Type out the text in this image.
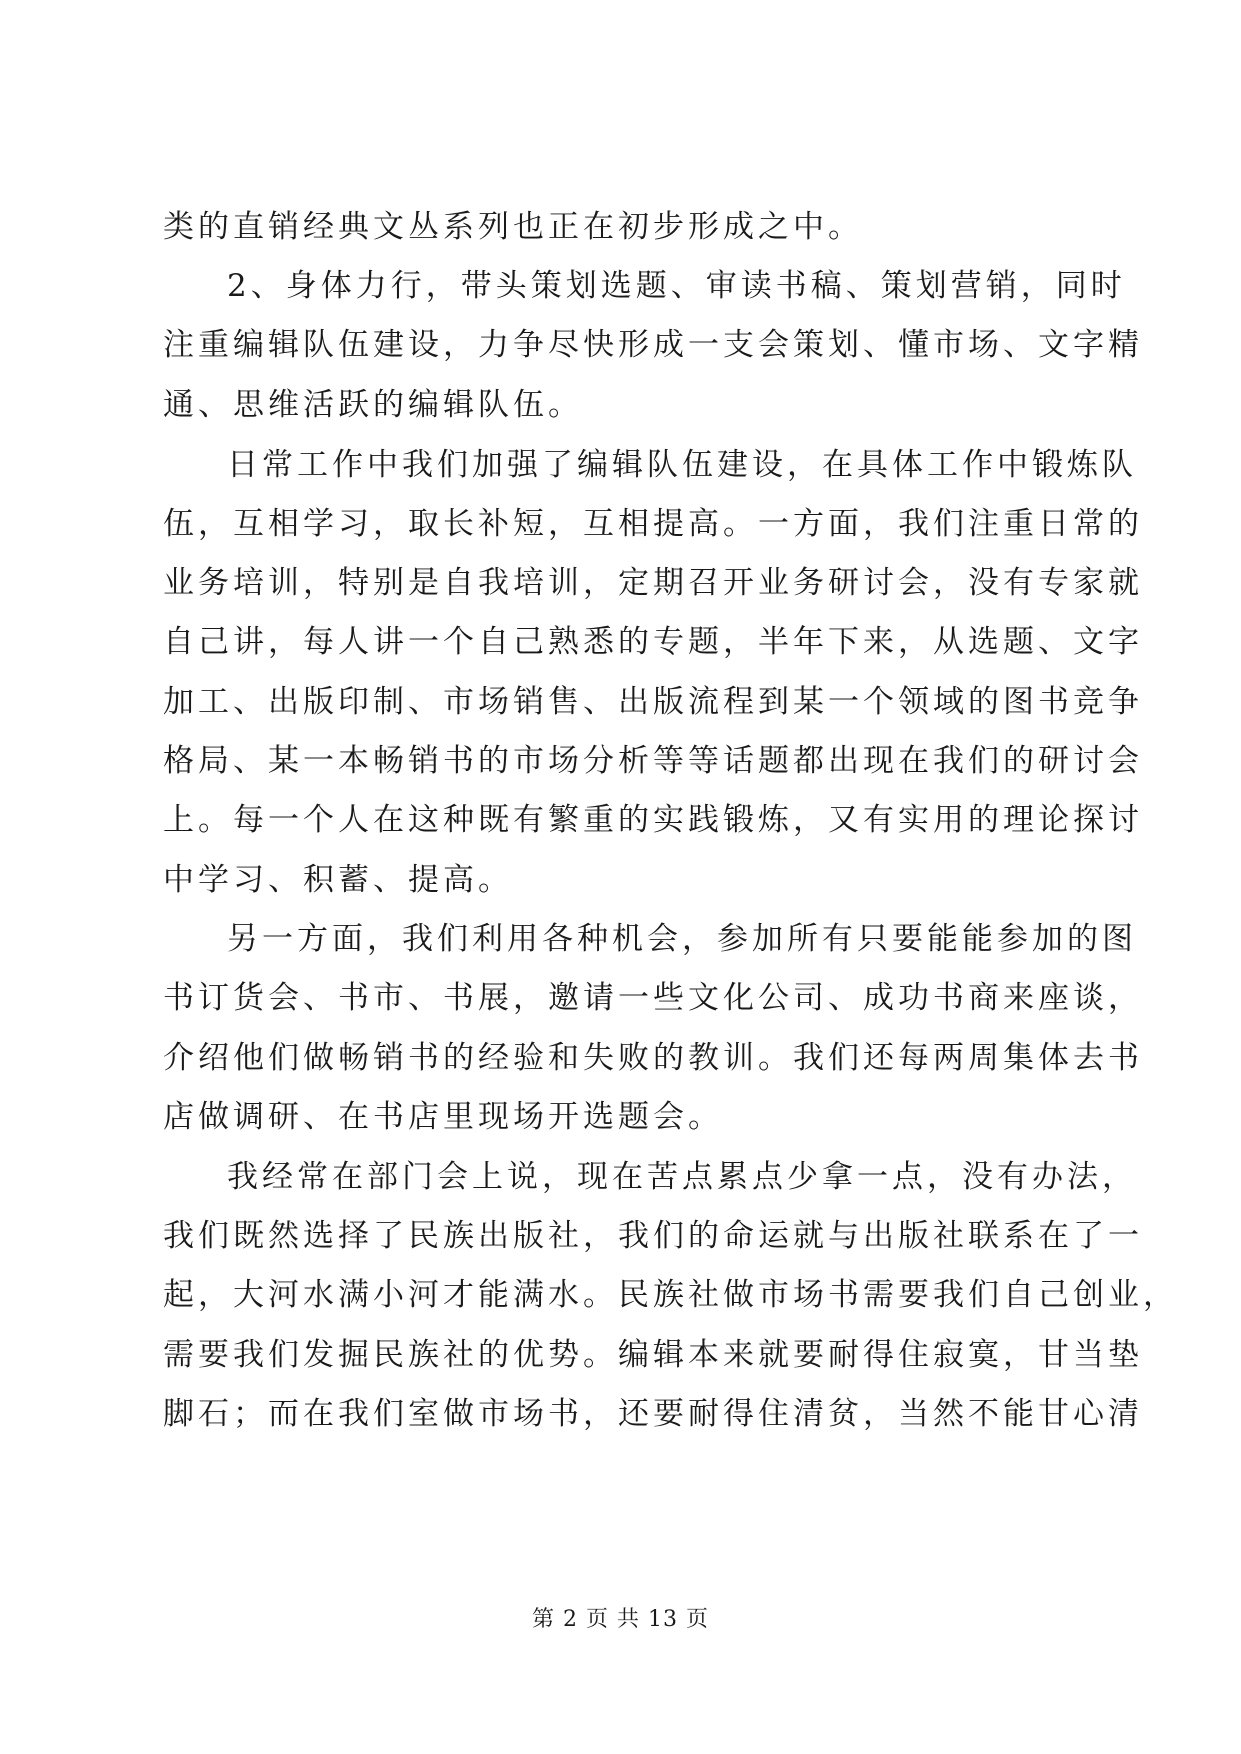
类的直销经典文丛系列也正在初步形成之中。
2、身体力行，带头策划选题、审读书稿、策划营销，同时
注重编辑队伍建设，力争尽快形成一支会策划、懂市场、文字精
通、思维活跃的编辑队伍。
日常工作中我们加强了编辑队伍建设，在具体工作中锻炼队
伍，互相学习，取长补短，互相提高。一方面，我们注重日常的
业务培训，特别是自我培训，定期召开业务研讨会，没有专家就
自己讲，每人讲一个自己熟悉的专题，半年下来，从选题、文字
加工、出版印制、市场销售、出版流程到某一个领域的图书竞争
格局、某一本畅销书的市场分析等等话题都出现在我们的研讨会
上。每一个人在这种既有繁重的实践锻炼，又有实用的理论探讨
中学习、积蓄、提高。
另一方面，我们利用各种机会，参加所有只要能能参加的图
书订货会、书市、书展，邀请一些文化公司、成功书商来座谈，
介绍他们做畅销书的经验和失败的教训。我们还每两周集体去书
店做调研、在书店里现场开选题会。
我经常在部门会上说，现在苦点累点少拿一点，没有办法，
我们既然选择了民族出版社，我们的命运就与出版社联系在了一
起，大河水满小河才能满水。民族社做市场书需要我们自己创业，
需要我们发掘民族社的优势。编辑本来就要耐得住寂寞，甘当垫
脚石；而在我们室做市场书，还要耐得住清贫，当然不能甘心清
第 2 页 共 13 页
